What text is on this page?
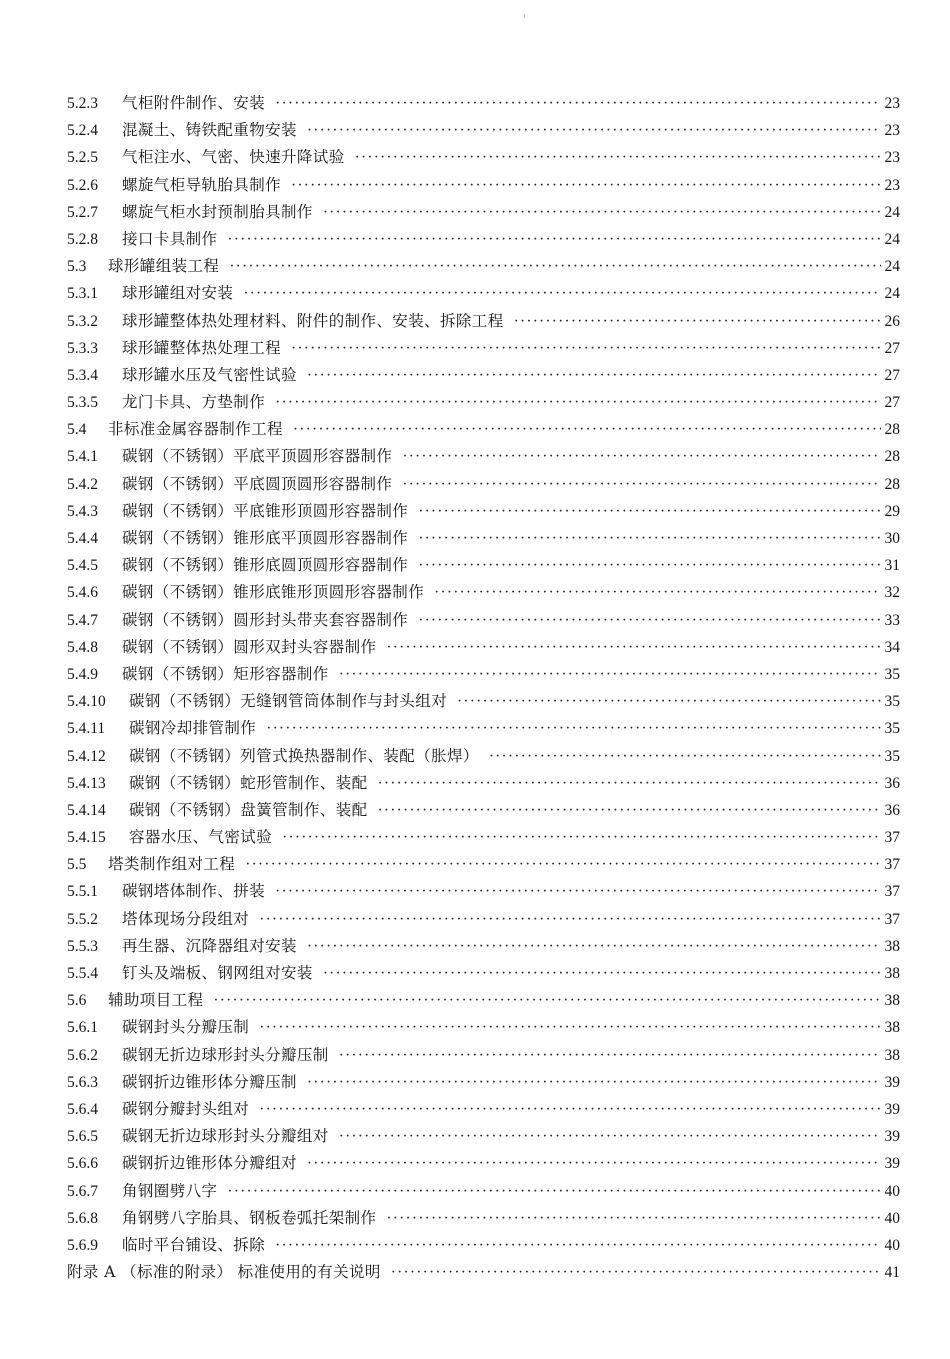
5.2.3	气柜附件制作、安装 ·····	23
5.2.4	混凝土、铸铁配重物安装 ·····	23
5.2.5	气柜注水、气密、快速升降试验 ·····	23
5.2.6	螺旋气柜导轨胎具制作 ·····	23
5.2.7	螺旋气柜水封预制胎具制作 ·····	24
5.2.8	接口卡具制作 ·····	24
5.3	球形罐组装工程 ·····	24
5.3.1	球形罐组对安装 ·····	24
5.3.2	球形罐整体热处理材料、附件的制作、安装、拆除工程 ·····	26
5.3.3	球形罐整体热处理工程 ·····	27
5.3.4	球形罐水压及气密性试验 ·····	27
5.3.5	龙门卡具、方垫制作 ·····	27
5.4	非标准金属容器制作工程 ·····	28
5.4.1	碳钢（不锈钢）平底平顶圆形容器制作 ·····	28
5.4.2	碳钢（不锈钢）平底圆顶圆形容器制作 ·····	28
5.4.3	碳钢（不锈钢）平底锥形顶圆形容器制作 ·····	29
5.4.4	碳钢（不锈钢）锥形底平顶圆形容器制作 ·····	30
5.4.5	碳钢（不锈钢）锥形底圆顶圆形容器制作 ·····	31
5.4.6	碳钢（不锈钢）锥形底锥形顶圆形容器制作 ·····	32
5.4.7	碳钢（不锈钢）圆形封头带夹套容器制作 ·····	33
5.4.8	碳钢（不锈钢）圆形双封头容器制作 ·····	34
5.4.9	碳钢（不锈钢）矩形容器制作 ·····	35
5.4.10	碳钢（不锈钢）无缝钢管筒体制作与封头组对 ·····	35
5.4.11	碳钢冷却排管制作 ·····	35
5.4.12	碳钢（不锈钢）列管式换热器制作、装配（胀焊） ·····	35
5.4.13	碳钢（不锈钢）蛇形管制作、装配 ·····	36
5.4.14	碳钢（不锈钢）盘簧管制作、装配 ·····	36
5.4.15	容器水压、气密试验 ·····	37
5.5	塔类制作组对工程 ·····	37
5.5.1	碳钢塔体制作、拼装 ·····	37
5.5.2	塔体现场分段组对 ·····	37
5.5.3	再生器、沉降器组对安装 ·····	38
5.5.4	钉头及端板、钢网组对安装 ·····	38
5.6	辅助项目工程 ·····	38
5.6.1	碳钢封头分瓣压制 ·····	38
5.6.2	碳钢无折边球形封头分瓣压制 ·····	38
5.6.3	碳钢折边锥形体分瓣压制 ·····	39
5.6.4	碳钢分瓣封头组对 ·····	39
5.6.5	碳钢无折边球形封头分瓣组对 ·····	39
5.6.6	碳钢折边锥形体分瓣组对 ·····	39
5.6.7	角钢圈劈八字 ·····	40
5.6.8	角钢劈八字胎具、钢板卷弧托架制作 ·····	40
5.6.9	临时平台铺设、拆除 ·····	40
附录 A （标准的附录） 标准使用的有关说明 ·····	41
